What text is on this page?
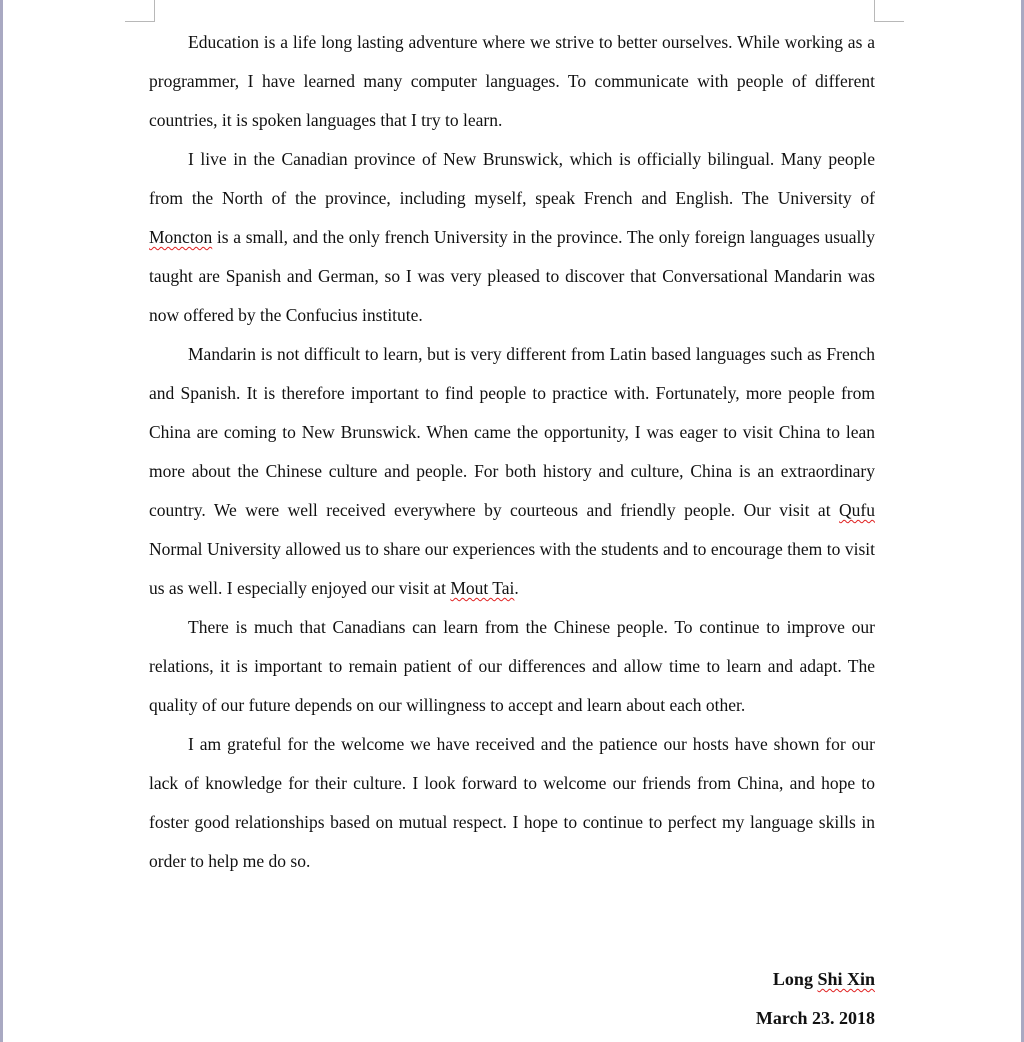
Education is a life long lasting adventure where we strive to better ourselves. While working as a programmer, I have learned many computer languages. To communicate with people of different countries, it is spoken languages that I try to learn.

I live in the Canadian province of New Brunswick, which is officially bilingual. Many people from the North of the province, including myself, speak French and English. The University of Moncton is a small, and the only french University in the province. The only foreign languages usually taught are Spanish and German, so I was very pleased to discover that Conversational Mandarin was now offered by the Confucius institute.

Mandarin is not difficult to learn, but is very different from Latin based languages such as French and Spanish. It is therefore important to find people to practice with. Fortunately, more people from China are coming to New Brunswick. When came the opportunity, I was eager to visit China to lean more about the Chinese culture and people. For both history and culture, China is an extraordinary country. We were well received everywhere by courteous and friendly people. Our visit at Qufu Normal University allowed us to share our experiences with the students and to encourage them to visit us as well. I especially enjoyed our visit at Mout Tai.

There is much that Canadians can learn from the Chinese people. To continue to improve our relations, it is important to remain patient of our differences and allow time to learn and adapt. The quality of our future depends on our willingness to accept and learn about each other.

I am grateful for the welcome we have received and the patience our hosts have shown for our lack of knowledge for their culture. I look forward to welcome our friends from China, and hope to foster good relationships based on mutual respect. I hope to continue to perfect my language skills in order to help me do so.

Long Shi Xin
March 23. 2018
